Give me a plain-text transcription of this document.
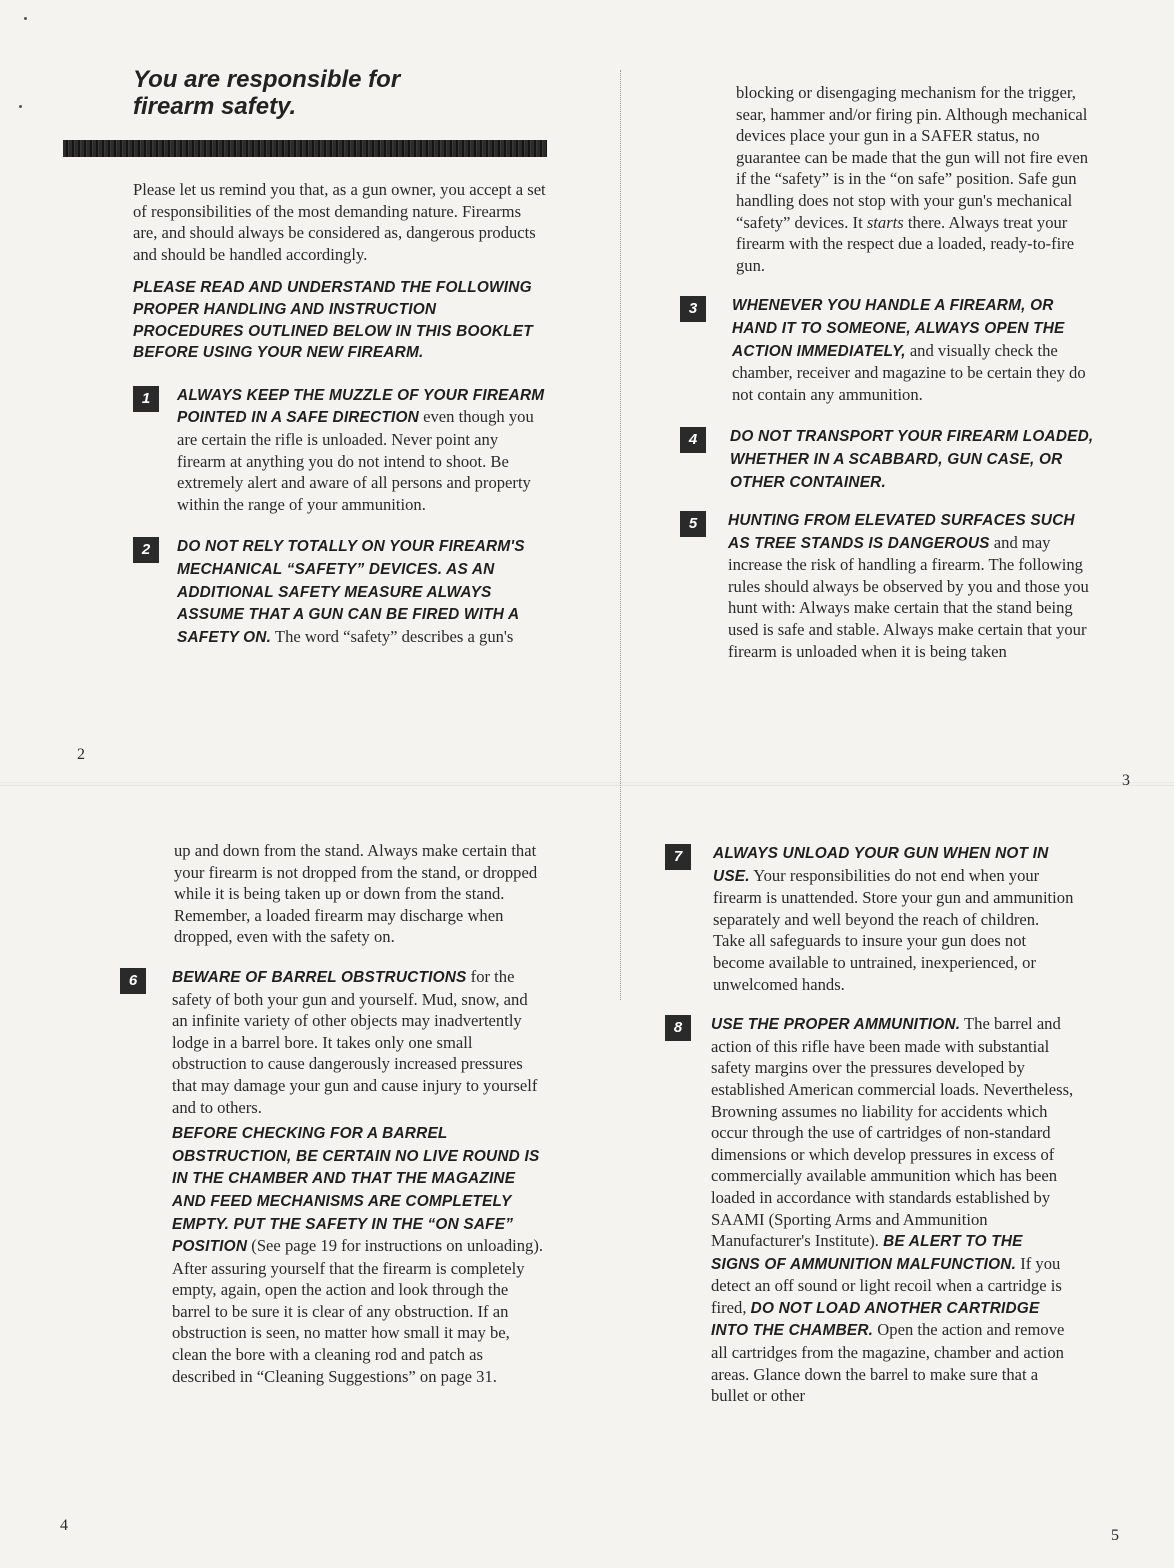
You are responsible for

firearm safety.

Please let us remind you that, as a gun owner, you accept a set of responsibilities of the most demanding nature. Firearms are, and should always be considered as, dangerous products and should be handled accordingly.

PLEASE READ AND UNDERSTAND THE FOLLOWING PROPER HANDLING AND INSTRUCTION PROCEDURES OUTLINED BELOW IN THIS BOOKLET BEFORE USING YOUR NEW FIREARM.

1	ALWAYS KEEP THE MUZZLE OF YOUR FIREARM POINTED IN A SAFE DIRECTION even though you are certain the rifle is unloaded. Never point any firearm at anything you do not intend to shoot. Be extremely alert and aware of all persons and property within the range of your ammunition.

2	DO NOT RELY TOTALLY ON YOUR FIREARM'S MECHANICAL “SAFETY” DEVICES. AS AN ADDITIONAL SAFETY MEASURE ALWAYS ASSUME THAT A GUN CAN BE FIRED WITH A SAFETY ON. The word “safety” describes a gun's

2

blocking or disengaging mechanism for the trigger, sear, hammer and/or firing pin. Although mechanical devices place your gun in a SAFER status, no guarantee can be made that the gun will not fire even if the “safety” is in the “on safe” position. Safe gun handling does not stop with your gun's mechanical “safety” devices. It starts there. Always treat your firearm with the respect due a loaded, ready-to-fire gun.

3	WHENEVER YOU HANDLE A FIREARM, OR HAND IT TO SOMEONE, ALWAYS OPEN THE ACTION IMMEDIATELY, and visually check the chamber, receiver and magazine to be certain they do not contain any ammunition.

4	DO NOT TRANSPORT YOUR FIREARM LOADED, WHETHER IN A SCABBARD, GUN CASE, OR OTHER CONTAINER.

5	HUNTING FROM ELEVATED SURFACES SUCH AS TREE STANDS IS DANGEROUS and may increase the risk of handling a firearm. The following rules should always be observed by you and those you hunt with: Always make certain that the stand being used is safe and stable. Always make certain that your firearm is unloaded when it is being taken

3

up and down from the stand. Always make certain that your firearm is not dropped from the stand, or dropped while it is being taken up or down from the stand. Remember, a loaded firearm may discharge when dropped, even with the safety on.

6	BEWARE OF BARREL OBSTRUCTIONS for the safety of both your gun and yourself. Mud, snow, and an infinite variety of other objects may inadvertently lodge in a barrel bore. It takes only one small obstruction to cause dangerously increased pressures that may damage your gun and cause injury to yourself and to others.

BEFORE CHECKING FOR A BARREL OBSTRUCTION, BE CERTAIN NO LIVE ROUND IS IN THE CHAMBER AND THAT THE MAGAZINE AND FEED MECHANISMS ARE COMPLETELY EMPTY. PUT THE SAFETY IN THE “ON SAFE” POSITION (See page 19 for instructions on unloading). After assuring yourself that the firearm is completely empty, again, open the action and look through the barrel to be sure it is clear of any obstruction. If an obstruction is seen, no matter how small it may be, clean the bore with a cleaning rod and patch as described in “Cleaning Suggestions” on page 31.

4
7	ALWAYS UNLOAD YOUR GUN WHEN NOT IN USE. Your responsibilities do not end when your firearm is unattended. Store your gun and ammunition separately and well beyond the reach of children. Take all safeguards to insure your gun does not become available to untrained, inexperienced, or unwelcomed hands.

8	USE THE PROPER AMMUNITION. The barrel and action of this rifle have been made with substantial safety margins over the pressures developed by established American commercial loads. Nevertheless, Browning assumes no liability for accidents which occur through the use of cartridges of non-standard dimensions or which develop pressures in excess of commercially available ammunition which has been loaded in accordance with standards established by SAAMI (Sporting Arms and Ammunition Manufacturer's Institute). BE ALERT TO THE SIGNS OF AMMUNITION MALFUNCTION. If you detect an off sound or light recoil when a cartridge is fired, DO NOT LOAD ANOTHER CARTRIDGE INTO THE CHAMBER. Open the action and remove all cartridges from the magazine, chamber and action areas. Glance down the barrel to make sure that a bullet or other

5
